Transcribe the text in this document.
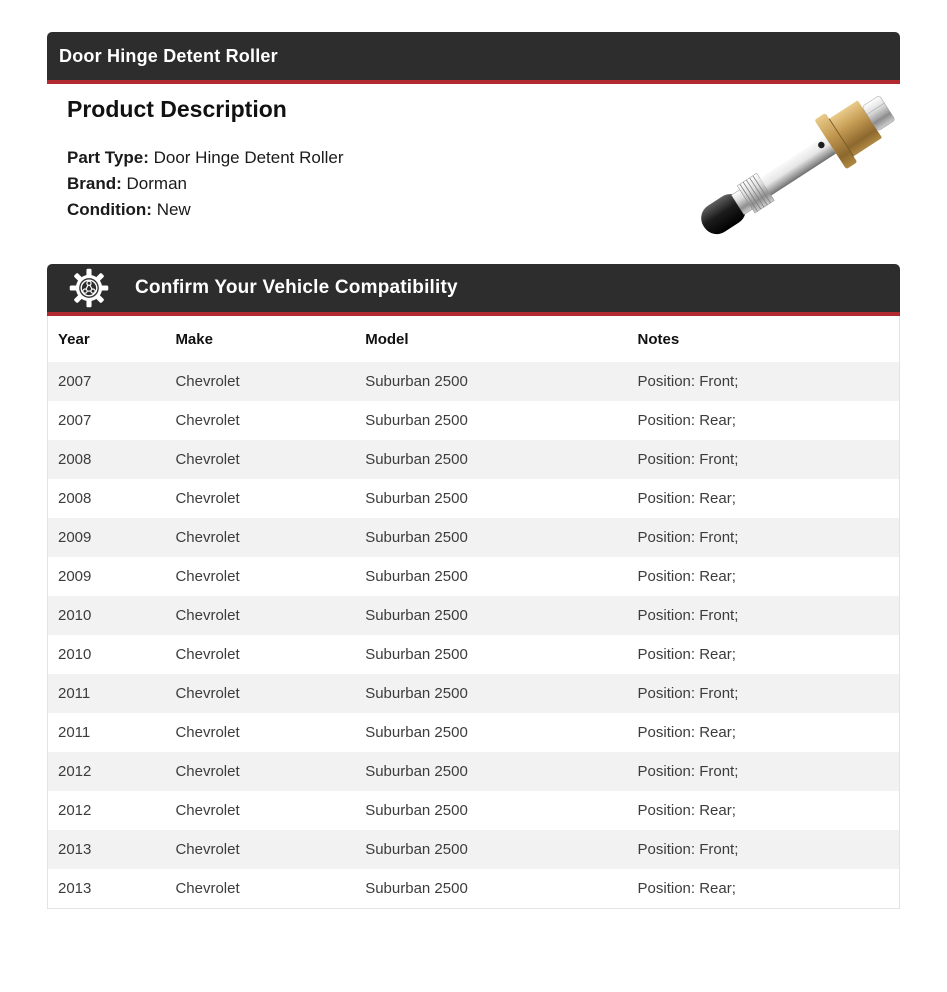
Door Hinge Detent Roller
Product Description

Part Type: Door Hinge Detent Roller

Brand: Dorman

Condition: New

Confirm Your Vehicle Compatibility
Year	Make	Model	Notes
2007	Chevrolet	Suburban 2500	Position: Front;
2007	Chevrolet	Suburban 2500	Position: Rear;
2008	Chevrolet	Suburban 2500	Position: Front;
2008	Chevrolet	Suburban 2500	Position: Rear;
2009	Chevrolet	Suburban 2500	Position: Front;
2009	Chevrolet	Suburban 2500	Position: Rear;
2010	Chevrolet	Suburban 2500	Position: Front;
2010	Chevrolet	Suburban 2500	Position: Rear;
2011	Chevrolet	Suburban 2500	Position: Front;
2011	Chevrolet	Suburban 2500	Position: Rear;
2012	Chevrolet	Suburban 2500	Position: Front;
2012	Chevrolet	Suburban 2500	Position: Rear;
2013	Chevrolet	Suburban 2500	Position: Front;
2013	Chevrolet	Suburban 2500	Position: Rear;
